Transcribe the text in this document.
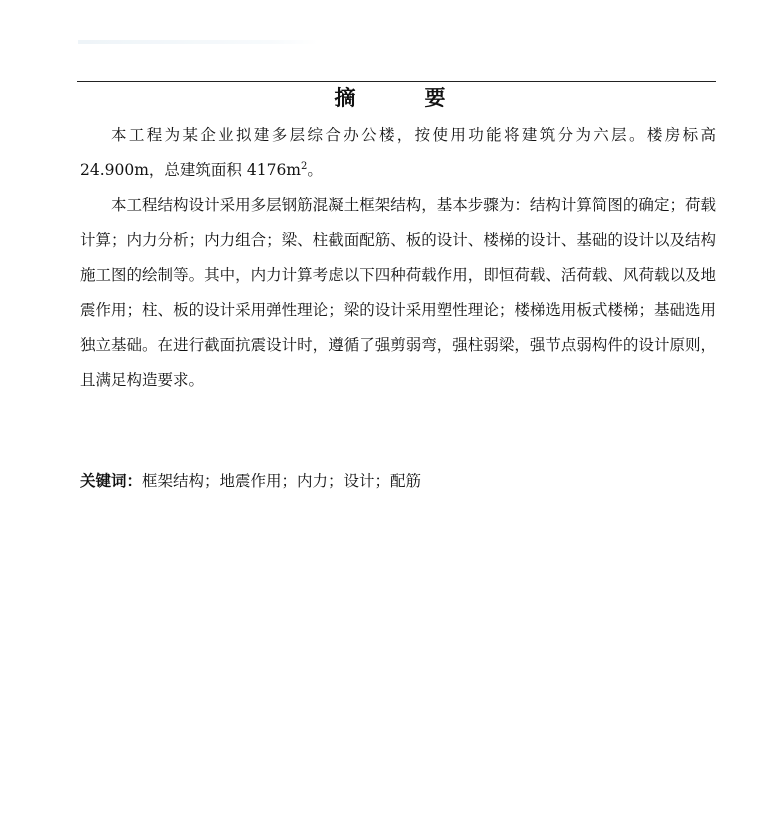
摘　要

本工程为某企业拟建多层综合办公楼，按使用功能将建筑分为六层。楼房标高 24.900m，总建筑面积 $4176m^2$。

本工程结构设计采用多层钢筋混凝土框架结构，基本步骤为：结构计算简图的确定；荷载计算；内力分析；内力组合；梁、柱截面配筋、板的设计、楼梯的设计、基础的设计以及结构施工图的绘制等。其中，内力计算考虑以下四种荷载作用，即恒荷载、活荷载、风荷载以及地震作用；柱、板的设计采用弹性理论；梁的设计采用塑性理论；楼梯选用板式楼梯；基础选用独立基础。在进行截面抗震设计时，遵循了强剪弱弯，强柱弱梁，强节点弱构件的设计原则，且满足构造要求。

关键词：框架结构；地震作用；内力；设计；配筋
